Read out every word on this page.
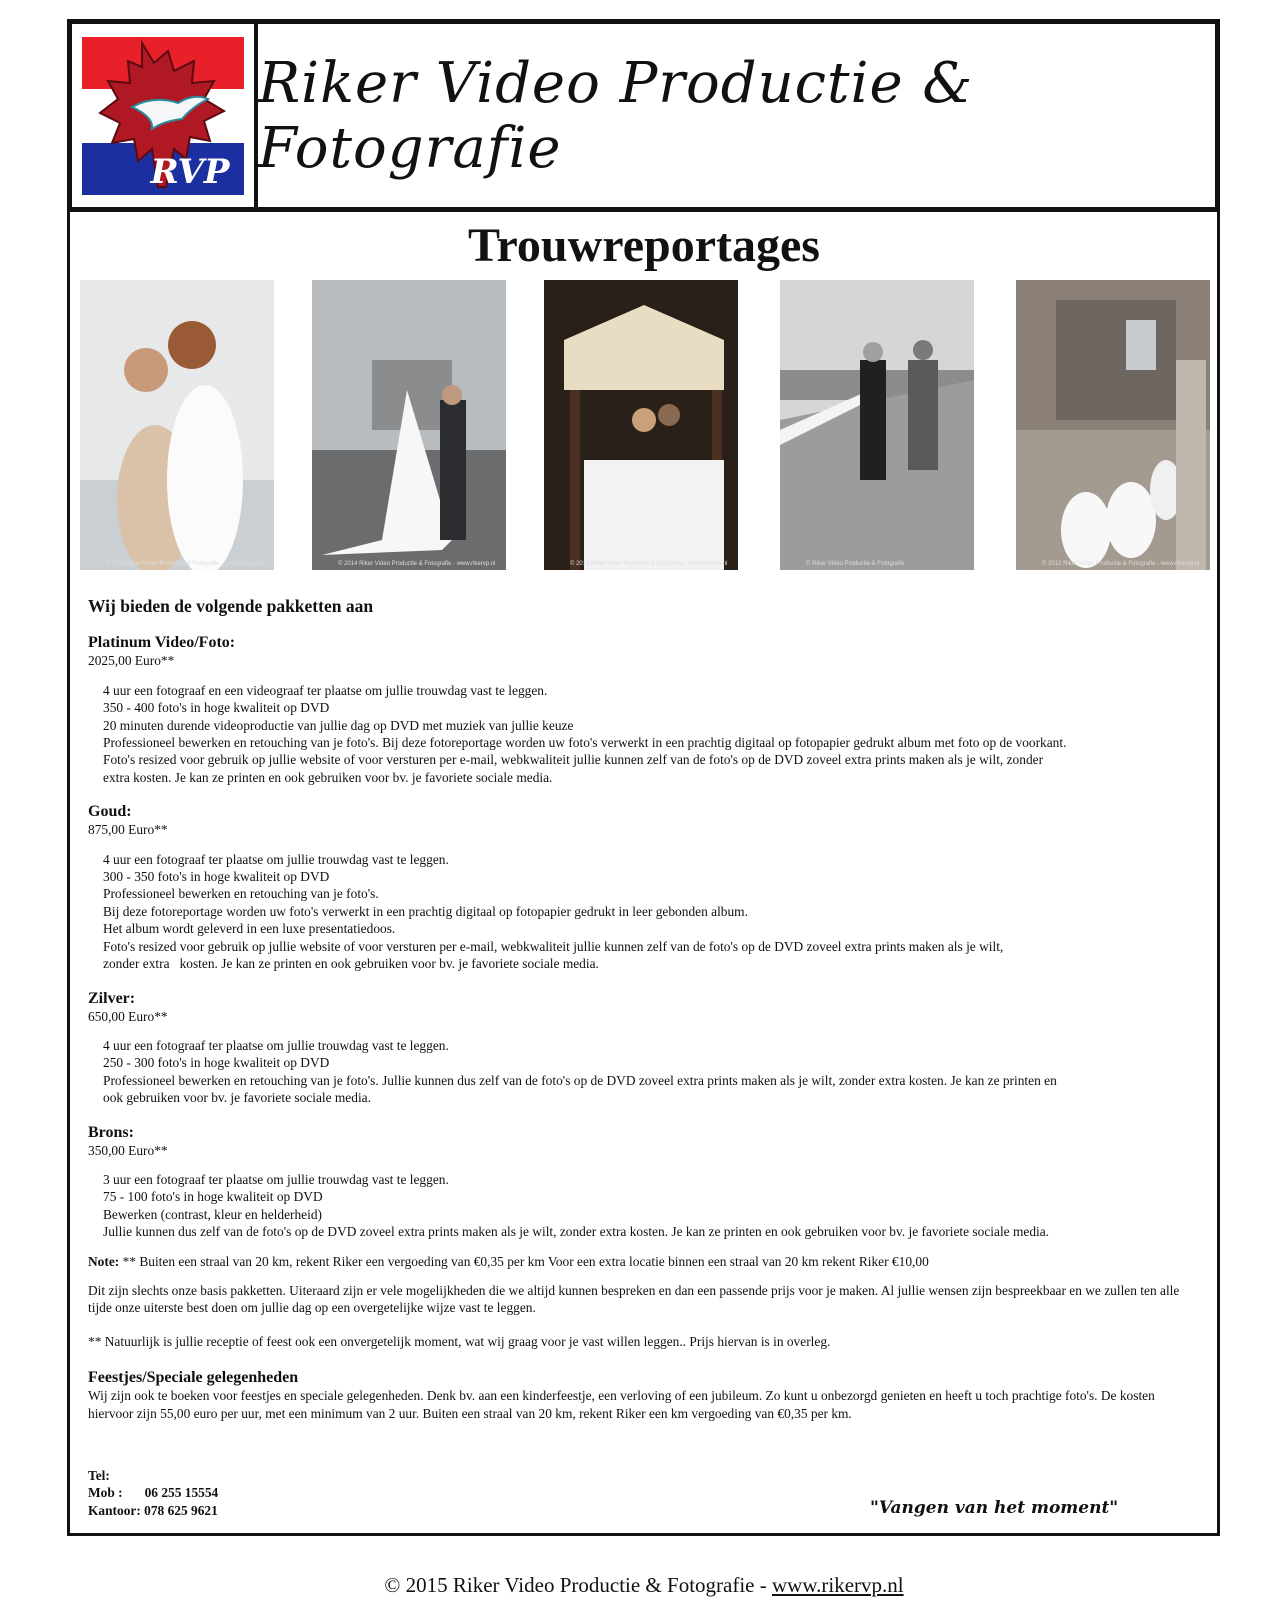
RVP
Riker Video Productie & Fotografie
Trouwreportages
© 2014 Riker Video Productie & Fotografie - www.rikervp.nl	© 2014 Riker Video Productie & Fotografie - www.rikervp.nl	© 2014 Riker Video Productie & Fotografie - www.rikervp.nl	© Riker Video Productie & Fotografie	© 2012 Riker Video Productie & Fotografie - www.rikervp.nl

Wij bieden de volgende pakketten aan

Platinum Video/Foto:

2025,00 Euro**

4 uur een fotograaf en een videograaf ter plaatse om jullie trouwdag vast te leggen.
350 - 400 foto's in hoge kwaliteit op DVD
20 minuten durende videoproductie van jullie dag op DVD met muziek van jullie keuze
Professioneel bewerken en retouching van je foto's. Bij deze fotoreportage worden uw foto's verwerkt in een prachtig digitaal op fotopapier gedrukt album met foto op de voorkant.
Foto's resized voor gebruik op jullie website of voor versturen per e-mail, webkwaliteit jullie kunnen zelf van de foto's op de DVD zoveel extra prints maken als je wilt, zonder
extra kosten. Je kan ze printen en ook gebruiken voor bv. je favoriete sociale media.

Goud:

875,00 Euro**

4 uur een fotograaf ter plaatse om jullie trouwdag vast te leggen.
300 - 350 foto's in hoge kwaliteit op DVD
Professioneel bewerken en retouching van je foto's.
Bij deze fotoreportage worden uw foto's verwerkt in een prachtig digitaal op fotopapier gedrukt in leer gebonden album.
Het album wordt geleverd in een luxe presentatiedoos.
Foto's resized voor gebruik op jullie website of voor versturen per e-mail, webkwaliteit jullie kunnen zelf van de foto's op de DVD zoveel extra prints maken als je wilt,
zonder extra   kosten. Je kan ze printen en ook gebruiken voor bv. je favoriete sociale media.

Zilver:

650,00 Euro**

4 uur een fotograaf ter plaatse om jullie trouwdag vast te leggen.
250 - 300 foto's in hoge kwaliteit op DVD
Professioneel bewerken en retouching van je foto's. Jullie kunnen dus zelf van de foto's op de DVD zoveel extra prints maken als je wilt, zonder extra kosten. Je kan ze printen en
ook gebruiken voor bv. je favoriete sociale media.

Brons:

350,00 Euro**

3 uur een fotograaf ter plaatse om jullie trouwdag vast te leggen.
75 - 100 foto's in hoge kwaliteit op DVD
Bewerken (contrast, kleur en helderheid)
Jullie kunnen dus zelf van de foto's op de DVD zoveel extra prints maken als je wilt, zonder extra kosten. Je kan ze printen en ook gebruiken voor bv. je favoriete sociale media.

Note: ** Buiten een straal van 20 km, rekent Riker een vergoeding van €0,35 per km Voor een extra locatie binnen een straal van 20 km rekent Riker €10,00

Dit zijn slechts onze basis pakketten. Uiteraard zijn er vele mogelijkheden die we altijd kunnen bespreken en dan een passende prijs voor je maken. Al jullie wensen zijn bespreekbaar en we zullen ten alle tijde onze uiterste best doen om jullie dag op een overgetelijke wijze vast te leggen.

** Natuurlijk is jullie receptie of feest ook een onvergetelijk moment, wat wij graag voor je vast willen leggen.. Prijs hiervan is in overleg.

Feestjes/Speciale gelegenheden

Wij zijn ook te boeken voor feestjes en speciale gelegenheden. Denk bv. aan een kinderfeestje, een verloving of een jubileum. Zo kunt u onbezorgd genieten en heeft u toch prachtige foto's. De kosten hiervoor zijn 55,00 euro per uur, met een minimum van 2 uur. Buiten een straal van 20 km, rekent Riker een km vergoeding van €0,35 per km.

Tel:
Mob : 06 255 15554
Kantoor: 078 625 9621	"Vangen van het moment"
© 2015 Riker Video Productie & Fotografie - www.rikervp.nl
